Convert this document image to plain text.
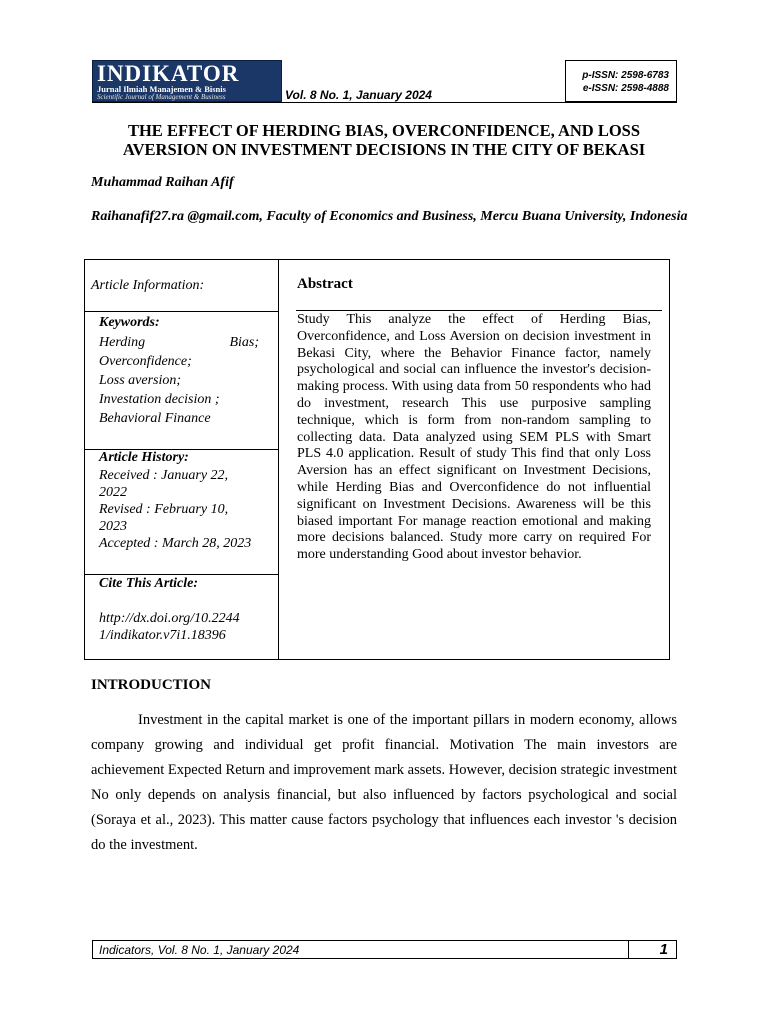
INDIKATOR
Jurnal Ilmiah Manajemen & Bisnis
Scientific Journal of Management & Business	Vol. 8 No. 1, January 2024
p-ISSN: 2598-6783
e-ISSN: 2598-4888
THE EFFECT OF HERDING BIAS, OVERCONFIDENCE, AND LOSS
AVERSION ON INVESTMENT DECISIONS IN THE CITY OF BEKASI
Muhammad Raihan Afif
Raihanafif27.ra @gmail.com, Faculty of Economics and Business, Mercu Buana University, Indonesia
Article Information:
Keywords:
Herding	Bias;
Overconfidence;
Loss aversion;
Investation decision ;
Behavioral Finance
Article History:
Received : January 22, 2022
Revised : February 10, 2023
Accepted : March 28, 2023
Cite This Article:
http://dx.doi.org/10.2244
1/indikator.v7i1.18396
Abstract
Study This analyze the effect of Herding Bias, Overconfidence, and Loss Aversion on decision investment in Bekasi City, where the Behavior Finance factor, namely psychological and social can influence the investor's decision- making process. With using data from 50 respondents who had do investment, research This use purposive sampling technique, which is form from non-random sampling to collecting data. Data analyzed using SEM PLS with Smart PLS 4.0 application. Result of study This find that only Loss Aversion has an effect significant on Investment Decisions, while Herding Bias and Overconfidence do not influential significant on Investment Decisions. Awareness will be this biased important For manage reaction emotional and making more decisions balanced. Study more carry on required For more understanding Good about investor behavior.
INTRODUCTION
Investment in the capital market is one of the important pillars in modern economy, allows company growing and individual get profit financial. Motivation The main investors are achievement Expected Return and improvement mark assets. However, decision strategic investment No only depends on analysis financial, but also influenced by factors psychological and social (Soraya et al., 2023). This matter cause factors psychology that influences each investor 's decision do the investment.
Indicators, Vol. 8 No. 1, January 2024	1
